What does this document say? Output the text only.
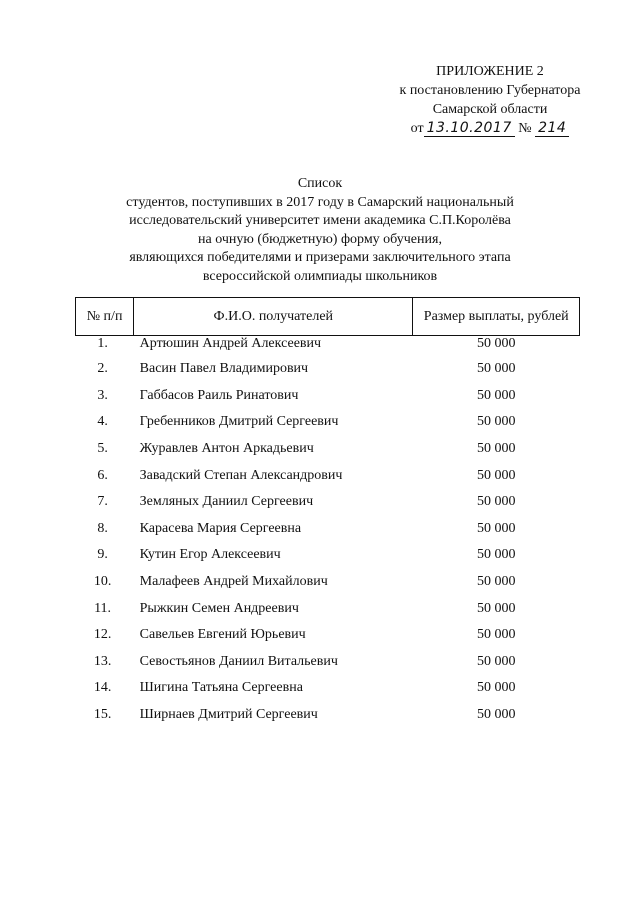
ПРИЛОЖЕНИЕ 2
к постановлению Губернатора
Самарской области
от 13.10.2017 № 214
Список
студентов, поступивших в 2017 году в Самарский национальный
исследовательский университет имени академика С.П.Королёва
на очную (бюджетную) форму обучения,
являющихся победителями и призерами заключительного этапа
всероссийской олимпиады школьников
№ п/п	Ф.И.О. получателей	Размер выплаты, рублей
1.	Артюшин Андрей Алексеевич	50 000
2.	Васин Павел Владимирович	50 000
3.	Габбасов Раиль Ринатович	50 000
4.	Гребенников Дмитрий Сергеевич	50 000
5.	Журавлев Антон Аркадьевич	50 000
6.	Завадский Степан Александрович	50 000
7.	Земляных Даниил Сергеевич	50 000
8.	Карасева Мария Сергеевна	50 000
9.	Кутин Егор Алексеевич	50 000
10.	Малафеев Андрей Михайлович	50 000
11.	Рыжкин Семен Андреевич	50 000
12.	Савельев Евгений Юрьевич	50 000
13.	Севостьянов Даниил Витальевич	50 000
14.	Шигина Татьяна Сергеевна	50 000
15.	Ширнаев Дмитрий Сергеевич	50 000
